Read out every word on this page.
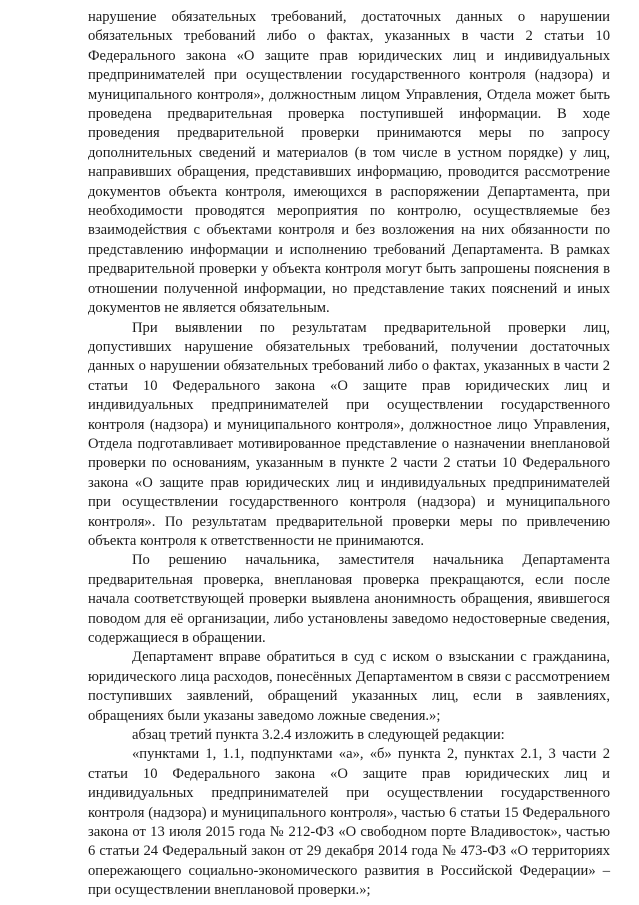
нарушение обязательных требований, достаточных данных о нарушении обязательных требований либо о фактах, указанных в части 2 статьи 10 Федерального закона «О защите прав юридических лиц и индивидуальных предпринимателей при осуществлении государственного контроля (надзора) и муниципального контроля», должностным лицом Управления, Отдела может быть проведена предварительная проверка поступившей информации. В ходе проведения предварительной проверки принимаются меры по запросу дополнительных сведений и материалов (в том числе в устном порядке) у лиц, направивших обращения, представивших информацию, проводится рассмотрение документов объекта контроля, имеющихся в распоряжении Департамента, при необходимости проводятся мероприятия по контролю, осуществляемые без взаимодействия с объектами контроля и без возложения на них обязанности по представлению информации и исполнению требований Департамента. В рамках предварительной проверки у объекта контроля могут быть запрошены пояснения в отношении полученной информации, но представление таких пояснений и иных документов не является обязательным.

При выявлении по результатам предварительной проверки лиц, допустивших нарушение обязательных требований, получении достаточных данных о нарушении обязательных требований либо о фактах, указанных в части 2 статьи 10 Федерального закона «О защите прав юридических лиц и индивидуальных предпринимателей при осуществлении государственного контроля (надзора) и муниципального контроля», должностное лицо Управления, Отдела подготавливает мотивированное представление о назначении внеплановой проверки по основаниям, указанным в пункте 2 части 2 статьи 10 Федерального закона «О защите прав юридических лиц и индивидуальных предпринимателей при осуществлении государственного контроля (надзора) и муниципального контроля». По результатам предварительной проверки меры по привлечению объекта контроля к ответственности не принимаются.

По решению начальника, заместителя начальника Департамента предварительная проверка, внеплановая проверка прекращаются, если после начала соответствующей проверки выявлена анонимность обращения, явившегося поводом для её организации, либо установлены заведомо недостоверные сведения, содержащиеся в обращении.

Департамент вправе обратиться в суд с иском о взыскании с гражданина, юридического лица расходов, понесённых Департаментом в связи с рассмотрением поступивших заявлений, обращений указанных лиц, если в заявлениях, обращениях были указаны заведомо ложные сведения.»;

абзац третий пункта 3.2.4 изложить в следующей редакции:

«пунктами 1, 1.1, подпунктами «а», «б» пункта 2, пунктах 2.1, 3 части 2 статьи 10 Федерального закона «О защите прав юридических лиц и индивидуальных предпринимателей при осуществлении государственного контроля (надзора) и муниципального контроля», частью 6 статьи 15 Федерального закона от 13 июля 2015 года № 212-ФЗ «О свободном порте Владивосток», частью 6 статьи 24 Федеральный закон от 29 декабря 2014 года № 473-ФЗ «О территориях опережающего социально-экономического развития в Российской Федерации» – при осуществлении внеплановой проверки.»;
